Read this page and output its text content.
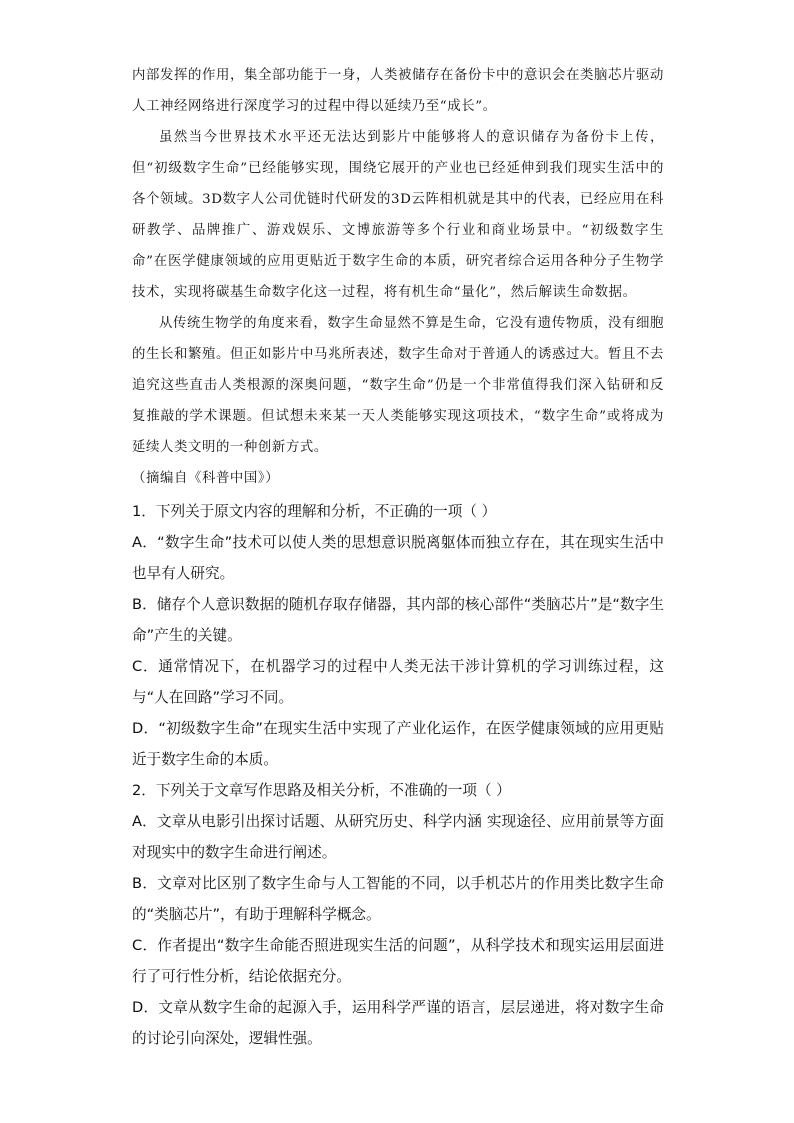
内部发挥的作用，集全部功能于一身，人类被储存在备份卡中的意识会在类脑芯片驱动人工神经网络进行深度学习的过程中得以延续乃至“成长”。

虽然当今世界技术水平还无法达到影片中能够将人的意识储存为备份卡上传，但“初级数字生命”已经能够实现，围绕它展开的产业也已经延伸到我们现实生活中的各个领域。3D数字人公司优链时代研发的3D云阵相机就是其中的代表，已经应用在科研教学、品牌推广、游戏娱乐、文博旅游等多个行业和商业场景中。“初级数字生命”在医学健康领域的应用更贴近于数字生命的本质，研究者综合运用各种分子生物学技术，实现将碳基生命数字化这一过程，将有机生命“量化”，然后解读生命数据。

从传统生物学的角度来看，数字生命显然不算是生命，它没有遗传物质，没有细胞的生长和繁殖。但正如影片中马兆所表述，数字生命对于普通人的诱惑过大。暂且不去追究这些直击人类根源的深奥问题，“数字生命”仍是一个非常值得我们深入钻研和反复推敲的学术课题。但试想未来某一天人类能够实现这项技术，“数字生命”或将成为延续人类文明的一种创新方式。

（摘编自《科普中国》）

1．下列关于原文内容的理解和分析，不正确的一项（ ）

A．“数字生命”技术可以使人类的思想意识脱离躯体而独立存在，其在现实生活中也早有人研究。

B．储存个人意识数据的随机存取存储器，其内部的核心部件“类脑芯片”是“数字生命”产生的关键。

C．通常情况下，在机器学习的过程中人类无法干涉计算机的学习训练过程，这与“人在回路”学习不同。

D．“初级数字生命”在现实生活中实现了产业化运作，在医学健康领域的应用更贴近于数字生命的本质。

2．下列关于文章写作思路及相关分析，不准确的一项（ ）

A．文章从电影引出探讨话题、从研究历史、科学内涵 实现途径、应用前景等方面对现实中的数字生命进行阐述。

B．文章对比区别了数字生命与人工智能的不同，以手机芯片的作用类比数字生命的“类脑芯片”，有助于理解科学概念。

C．作者提出“数字生命能否照进现实生活的问题”，从科学技术和现实运用层面进行了可行性分析，结论依据充分。

D．文章从数字生命的起源入手，运用科学严谨的语言，层层递进，将对数字生命的讨论引向深处，逻辑性强。
